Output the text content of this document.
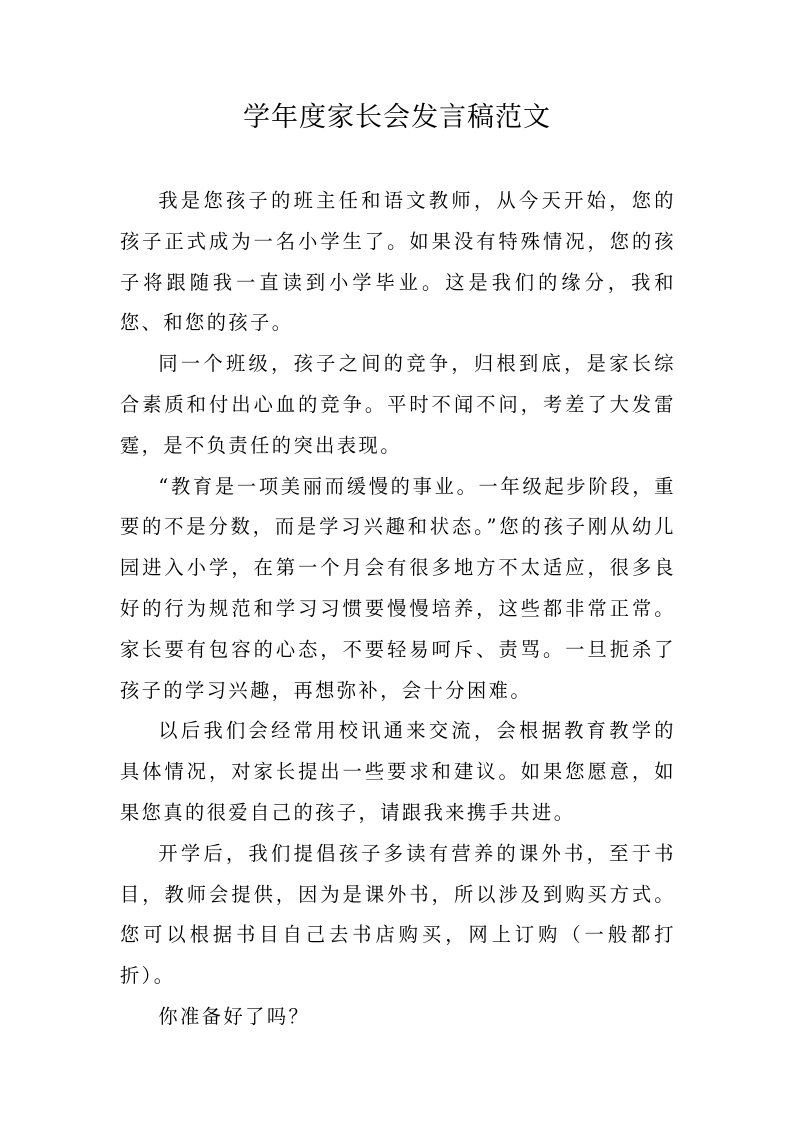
学年度家长会发言稿范文

我是您孩子的班主任和语文教师，从今天开始，您的孩子正式成为一名小学生了。如果没有特殊情况，您的孩子将跟随我一直读到小学毕业。这是我们的缘分，我和您、和您的孩子。

同一个班级，孩子之间的竞争，归根到底，是家长综合素质和付出心血的竞争。平时不闻不问，考差了大发雷霆，是不负责任的突出表现。

“教育是一项美丽而缓慢的事业。一年级起步阶段，重要的不是分数，而是学习兴趣和状态。”您的孩子刚从幼儿园进入小学，在第一个月会有很多地方不太适应，很多良好的行为规范和学习习惯要慢慢培养，这些都非常正常。家长要有包容的心态，不要轻易呵斥、责骂。一旦扼杀了孩子的学习兴趣，再想弥补，会十分困难。

以后我们会经常用校讯通来交流，会根据教育教学的具体情况，对家长提出一些要求和建议。如果您愿意，如果您真的很爱自己的孩子，请跟我来携手共进。

开学后，我们提倡孩子多读有营养的课外书，至于书目，教师会提供，因为是课外书，所以涉及到购买方式。您可以根据书目自己去书店购买，网上订购（一般都打折）。

你准备好了吗？
